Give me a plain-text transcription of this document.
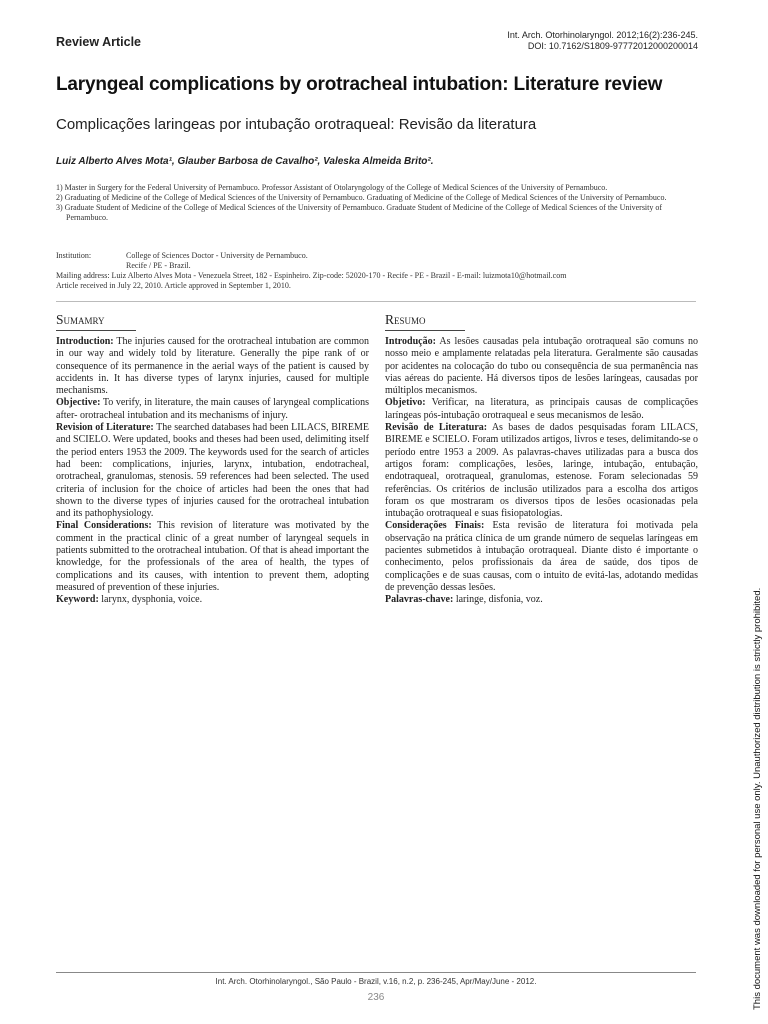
Review Article	Int. Arch. Otorhinolaryngol. 2012;16(2):236-245.
DOI: 10.7162/S1809-97772012000200014
Laryngeal complications by orotracheal intubation: Literature review
Complicações laringeas por intubação orotraqueal: Revisão da literatura
Luiz Alberto Alves Mota¹, Glauber Barbosa de Cavalho², Valeska Almeida Brito².
1) Master in Surgery for the Federal University of Pernambuco. Professor Assistant of Otolaryngology of the College of Medical Sciences of the University of Pernambuco.
2) Graduating of Medicine of the College of Medical Sciences of the University of Pernambuco. Graduating of Medicine of the College of Medical Sciences of the University of Pernambuco.
3) Graduate Student of Medicine of the College of Medical Sciences of the University of Pernambuco. Graduate Student of Medicine of the College of Medical Sciences of the University of Pernambuco.
Institution:	College of Sciences Doctor - University de Pernambuco.
Recife / PE - Brazil.
Mailing address: Luiz Alberto Alves Mota - Venezuela Street, 182 - Espinheiro. Zip-code: 52020-170 - Recife - PE - Brazil - E-mail: luizmota10@hotmail.com
Article received in July 22, 2010. Article approved in September 1, 2010.
Sumamry

Introduction: The injuries caused for the orotracheal intubation are common in our way and widely told by literature. Generally the pipe rank of or consequence of its permanence in the aerial ways of the patient is caused by accidents in. It has diverse types of larynx injuries, caused for multiple mechanisms.

Objective: To verify, in literature, the main causes of laryngeal complications after- orotracheal intubation and its mechanisms of injury.

Revision of Literature: The searched databases had been LILACS, BIREME and SCIELO. Were updated, books and theses had been used, delimiting itself the period enters 1953 the 2009. The keywords used for the search of articles had been: complications, injuries, larynx, intubation, endotracheal, orotracheal, granulomas, stenosis. 59 references had been selected. The used criteria of inclusion for the choice of articles had been the ones that had shown to the diverse types of injuries caused for the orotracheal intubation and its pathophysiology.

Final Considerations: This revision of literature was motivated by the comment in the practical clinic of a great number of laryngeal sequels in patients submitted to the orotracheal intubation. Of that is ahead important the knowledge, for the professionals of the area of health, the types of complications and its causes, with intention to prevent them, adopting measured of prevention of these injuries.

Keyword: larynx, dysphonia, voice.

Resumo

Introdução: As lesões causadas pela intubação orotraqueal são comuns no nosso meio e amplamente relatadas pela literatura. Geralmente são causadas por acidentes na colocação do tubo ou consequência de sua permanência nas vias aéreas do paciente. Há diversos tipos de lesões laríngeas, causadas por múltiplos mecanismos.

Objetivo: Verificar, na literatura, as principais causas de complicações laríngeas pós-intubação orotraqueal e seus mecanismos de lesão.

Revisão de Literatura: As bases de dados pesquisadas foram LILACS, BIREME e SCIELO. Foram utilizados artigos, livros e teses, delimitando-se o período entre 1953 a 2009. As palavras-chaves utilizadas para a busca dos artigos foram: complicações, lesões, laringe, intubação, entubação, endotraqueal, orotraqueal, granulomas, estenose. Foram selecionadas 59 referências. Os critérios de inclusão utilizados para a escolha dos artigos foram os que mostraram os diversos tipos de lesões ocasionadas pela intubação orotraqueal e suas fisiopatologias.

Considerações Finais: Esta revisão de literatura foi motivada pela observação na prática clínica de um grande número de sequelas laríngeas em pacientes submetidos à intubação orotraqueal. Diante disto é importante o conhecimento, pelos profissionais da área de saúde, dos tipos de complicações e de suas causas, com o intuito de evitá-las, adotando medidas de prevenção dessas lesões.

Palavras-chave: laringe, disfonia, voz.	This document was downloaded for personal use only. Unauthorized distribution is strictly prohibited.
Int. Arch. Otorhinolaryngol., São Paulo - Brazil, v.16, n.2, p. 236-245, Apr/May/June - 2012.
236
